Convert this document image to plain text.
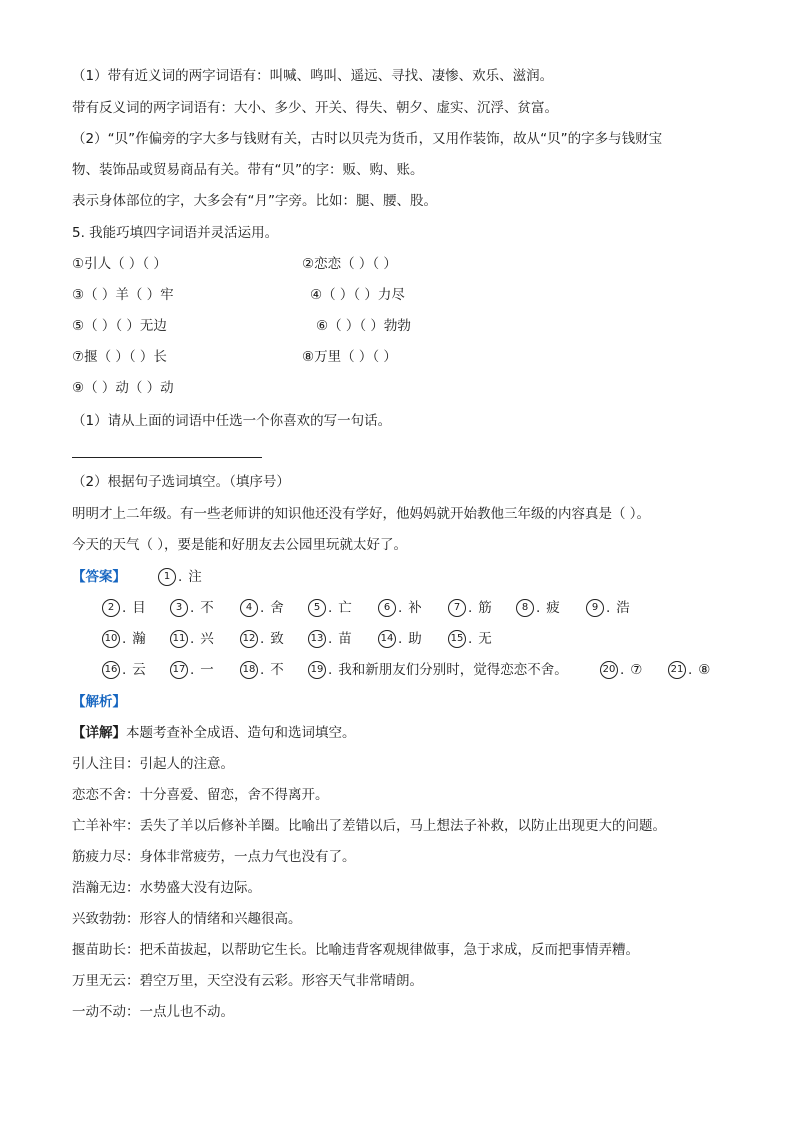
（1）带有近义词的两字词语有：叫喊、鸣叫、遥远、寻找、凄惨、欢乐、滋润。
带有反义词的两字词语有：大小、多少、开关、得失、朝夕、虚实、沉浮、贫富。
（2）“贝”作偏旁的字大多与钱财有关，古时以贝壳为货币，又用作装饰，故从“贝”的字多与钱财宝
物、装饰品或贸易商品有关。带有“贝”的字：贩、购、账。
表示身体部位的字，大多会有“月”字旁。比如：腿、腰、股。
5. 我能巧填四字词语并灵活运用。
①引人（ ）（ ）	②恋恋（ ）（ ）
③（ ）羊（ ）牢	④（ ）（ ）力尽
⑤（ ）（ ）无边	⑥（ ）（ ）勃勃
⑦揠（ ）（ ）长	⑧万里（ ）（ ）
⑨（ ）动（ ）动
（1）请从上面的词语中任选一个你喜欢的写一句话。
（2）根据句子选词填空。（填序号）
明明才上二年级。有一些老师讲的知识他还没有学好，他妈妈就开始教他三年级的内容真是（ ）。
今天的天气（ ），要是能和好朋友去公园里玩就太好了。
【答案】	1 . 注
2 . 目	3 . 不	4 . 舍	5 . 亡	6 . 补	7 . 筋	8 . 疲	9 . 浩
10 . 瀚	11 . 兴	12 . 致	13 . 苗	14 . 助	15 . 无
16 . 云	17 . 一	18 . 不	19 . 我和新朋友们分别时，觉得恋恋不舍。	20 . ⑦	21 . ⑧
【解析】
【详解】本题考查补全成语、造句和选词填空。
引人注目：引起人的注意。
恋恋不舍：十分喜爱、留恋，舍不得离开。
亡羊补牢：丢失了羊以后修补羊圈。比喻出了差错以后，马上想法子补救，以防止出现更大的问题。
筋疲力尽：身体非常疲劳，一点力气也没有了。
浩瀚无边：水势盛大没有边际。
兴致勃勃：形容人的情绪和兴趣很高。
揠苗助长：把禾苗拔起，以帮助它生长。比喻违背客观规律做事，急于求成，反而把事情弄糟。
万里无云：碧空万里，天空没有云彩。形容天气非常晴朗。
一动不动：一点儿也不动。
